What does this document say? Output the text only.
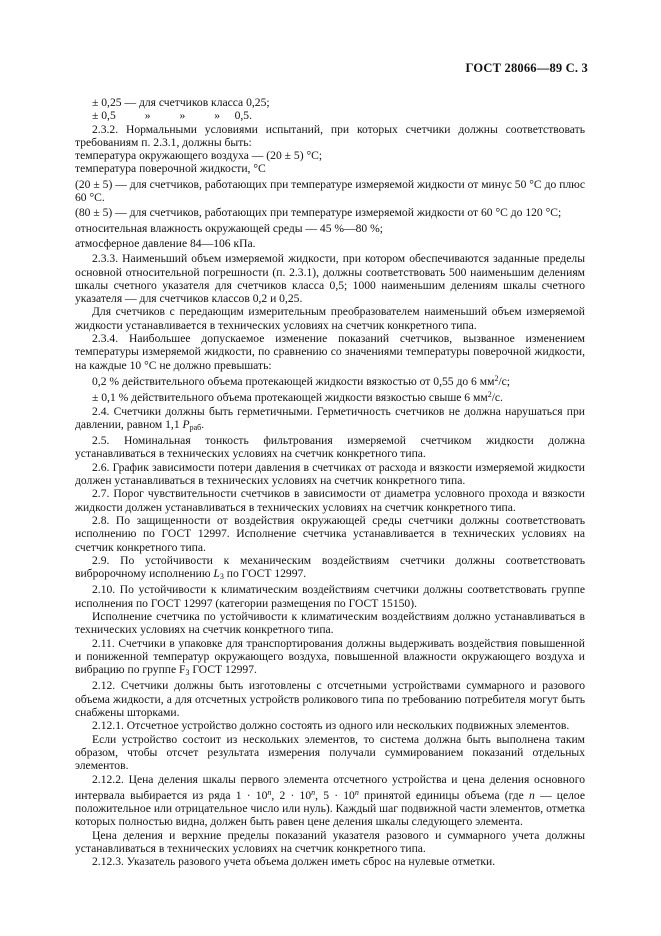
ГОСТ 28066—89 С. 3

± 0,25 — для счетчиков класса 0,25;

± 0,5          »          »          »     0,5.

2.3.2. Нормальными условиями испытаний, при которых счетчики должны соответствовать требованиям п. 2.3.1, должны быть:

температура окружающего воздуха — (20 ± 5) °С;

температура поверочной жидкости, °С

(20 ± 5) — для счетчиков, работающих при температуре измеряемой жидкости от минус 50 °С до плюс 60 °С.

(80 ± 5) — для счетчиков, работающих при температуре измеряемой жидкости от 60 °С до 120 °С;

относительная влажность окружающей среды — 45 %—80 %;

атмосферное давление 84—106 кПа.

2.3.3. Наименьший объем измеряемой жидкости, при котором обеспечиваются заданные пределы основной относительной погрешности (п. 2.3.1), должны соответствовать 500 наименьшим делениям шкалы счетного указателя для счетчиков класса 0,5; 1000 наименьшим делениям шкалы счетного указателя — для счетчиков классов 0,2 и 0,25.

Для счетчиков с передающим измерительным преобразователем наименьший объем измеряемой жидкости устанавливается в технических условиях на счетчик конкретного типа.

2.3.4. Наибольшее допускаемое изменение показаний счетчиков, вызванное изменением температуры измеряемой жидкости, по сравнению со значениями температуры поверочной жидкости, на каждые 10 °С не должно превышать:

0,2 % действительного объема протекающей жидкости вязкостью от 0,55 до 6 $мм^2/с$;

± 0,1 % действительного объема протекающей жидкости вязкостью свыше 6 $мм^2/с$.

2.4. Счетчики должны быть герметичными. Герметичность счетчиков не должна нарушаться при давлении, равном 1,1 $P_{раб}$.

2.5. Номинальная тонкость фильтрования измеряемой счетчиком жидкости должна устанавливаться в технических условиях на счетчик конкретного типа.

2.6. График зависимости потери давления в счетчиках от расхода и вязкости измеряемой жидкости должен устанавливаться в технических условиях на счетчик конкретного типа.

2.7. Порог чувствительности счетчиков в зависимости от диаметра условного прохода и вязкости жидкости должен устанавливаться в технических условиях на счетчик конкретного типа.

2.8. По защищенности от воздействия окружающей среды счетчики должны соответствовать исполнению по ГОСТ 12997. Исполнение счетчика устанавливается в технических условиях на счетчик конкретного типа.

2.9. По устойчивости к механическим воздействиям счетчики должны соответствовать вибророчному исполнению $L_3$ по ГОСТ 12997.

2.10. По устойчивости к климатическим воздействиям счетчики должны соответствовать группе исполнения по ГОСТ 12997 (категории размещения по ГОСТ 15150).

Исполнение счетчика по устойчивости к климатическим воздействиям должно устанавливаться в технических условиях на счетчик конкретного типа.

2.11. Счетчики в упаковке для транспортирования должны выдерживать воздействия повышенной и пониженной температур окружающего воздуха, повышенной влажности окружающего воздуха и вибрацию по группе $F_3$ ГОСТ 12997.

2.12. Счетчики должны быть изготовлены с отсчетными устройствами суммарного и разового объема жидкости, а для отсчетных устройств роликового типа по требованию потребителя могут быть снабжены шторками.

2.12.1. Отсчетное устройство должно состоять из одного или нескольких подвижных элементов.

Если устройство состоит из нескольких элементов, то система должна быть выполнена таким образом, чтобы отсчет результата измерения получали суммированием показаний отдельных элементов.

2.12.2. Цена деления шкалы первого элемента отсчетного устройства и цена деления основного интервала выбирается из ряда $1 \cdot 10^n$, $2 \cdot 10^n$, $5 \cdot 10^n$ принятой единицы объема (где n — целое положительное или отрицательное число или нуль). Каждый шаг подвижной части элементов, отметка которых полностью видна, должен быть равен цене деления шкалы следующего элемента.

Цена деления и верхние пределы показаний указателя разового и суммарного учета должны устанавливаться в технических условиях на счетчик конкретного типа.

2.12.3. Указатель разового учета объема должен иметь сброс на нулевые отметки.
